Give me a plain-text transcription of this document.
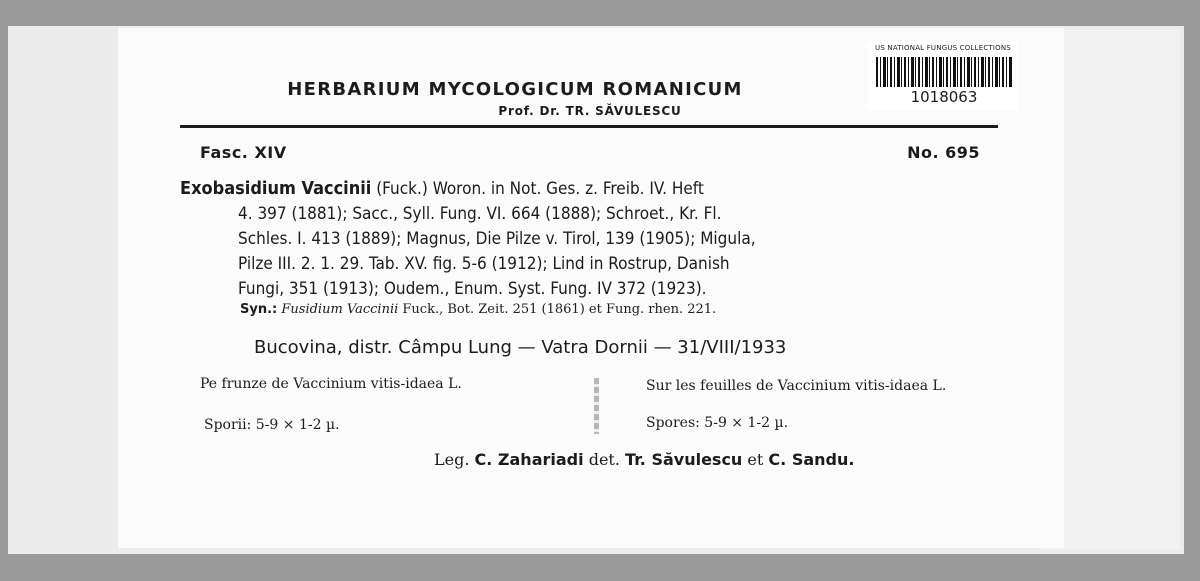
US NATIONAL FUNGUS COLLECTIONS
1018063
HERBARIUM MYCOLOGICUM ROMANICUM
Prof. Dr. TR. SĂVULESCU
Fasc. XIV	No. 695
Exobasidium Vaccinii (Fuck.) Woron. in Not. Ges. z. Freib. IV. Heft
4. 397 (1881); Sacc., Syll. Fung. VI. 664 (1888); Schroet., Kr. Fl.
Schles. I. 413 (1889); Magnus, Die Pilze v. Tirol, 139 (1905); Migula,
Pilze III. 2. 1. 29. Tab. XV. fig. 5-6 (1912); Lind in Rostrup, Danish
Fungi, 351 (1913); Oudem., Enum. Syst. Fung. IV 372 (1923).
Syn.: Fusidium Vaccinii Fuck., Bot. Zeit. 251 (1861) et Fung. rhen. 221.
Bucovina, distr. Câmpu Lung — Vatra Dornii — 31/VIII/1933
Pe frunze de Vaccinium vitis-idaea L.
Sporii: 5-9 × 1-2 µ.
Sur les feuilles de Vaccinium vitis-idaea L.
Spores: 5-9 × 1-2 µ.
Leg. C. Zahariadi det. Tr. Săvulescu et C. Sandu.
